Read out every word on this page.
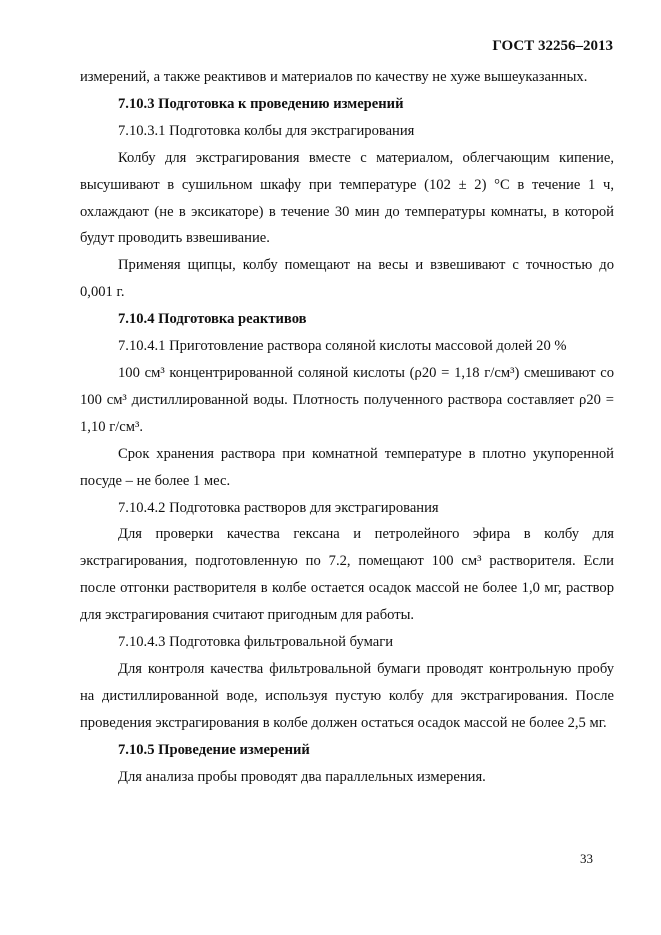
ГОСТ 32256–2013

измерений, а также реактивов и материалов по качеству не хуже вышеуказанных.

7.10.3 Подготовка к проведению измерений

7.10.3.1 Подготовка колбы для экстрагирования

Колбу для экстрагирования вместе с материалом, облегчающим кипение, высушивают в сушильном шкафу при температуре (102 ± 2) °С в течение 1 ч, охлаждают (не в эксикаторе) в течение 30 мин до температуры комнаты, в которой будут проводить взвешивание.

Применяя щипцы, колбу помещают на весы и взвешивают с точностью до 0,001 г.

7.10.4 Подготовка реактивов

7.10.4.1 Приготовление раствора соляной кислоты массовой долей 20 %

100 см³ концентрированной соляной кислоты (ρ20 = 1,18 г/см³) смешивают со 100 см³ дистиллированной воды. Плотность полученного раствора составляет ρ20 = 1,10 г/см³.

Срок хранения раствора при комнатной температуре в плотно укупоренной посуде – не более 1 мес.

7.10.4.2 Подготовка растворов для экстрагирования

Для проверки качества гексана и петролейного эфира в колбу для экстрагирования, подготовленную по 7.2, помещают 100 см³ растворителя. Если после отгонки растворителя в колбе остается осадок массой не более 1,0 мг, раствор для экстрагирования считают пригодным для работы.

7.10.4.3 Подготовка фильтровальной бумаги

Для контроля качества фильтровальной бумаги проводят контрольную пробу на дистиллированной воде, используя пустую колбу для экстрагирования. После проведения экстрагирования в колбе должен остаться осадок массой не более 2,5 мг.

7.10.5 Проведение измерений

Для анализа пробы проводят два параллельных измерения.

33
